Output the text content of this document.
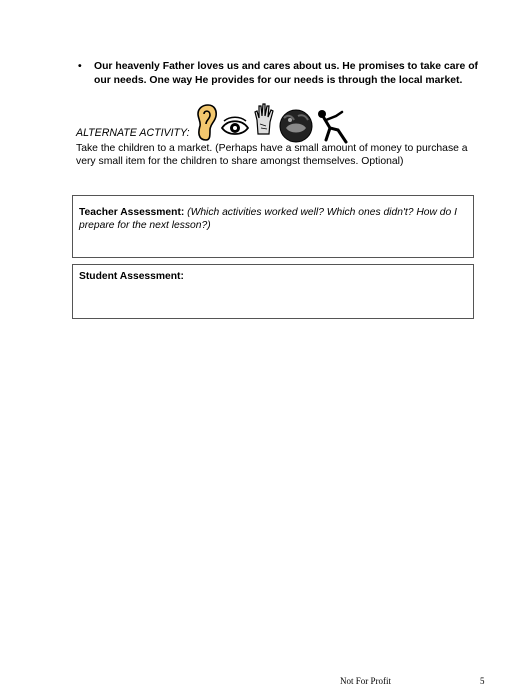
• Our heavenly Father loves us and cares about us. He promises to take care of our needs. One way He provides for our needs is through the local market.
ALTERNATE ACTIVITY:
Take the children to a market. (Perhaps have a small amount of money to purchase a very small item for the children to share amongst themselves. Optional)
Teacher Assessment: (Which activities worked well? Which ones didn't? How do I prepare for the next lesson?)
Student Assessment:
Not For Profit	5
